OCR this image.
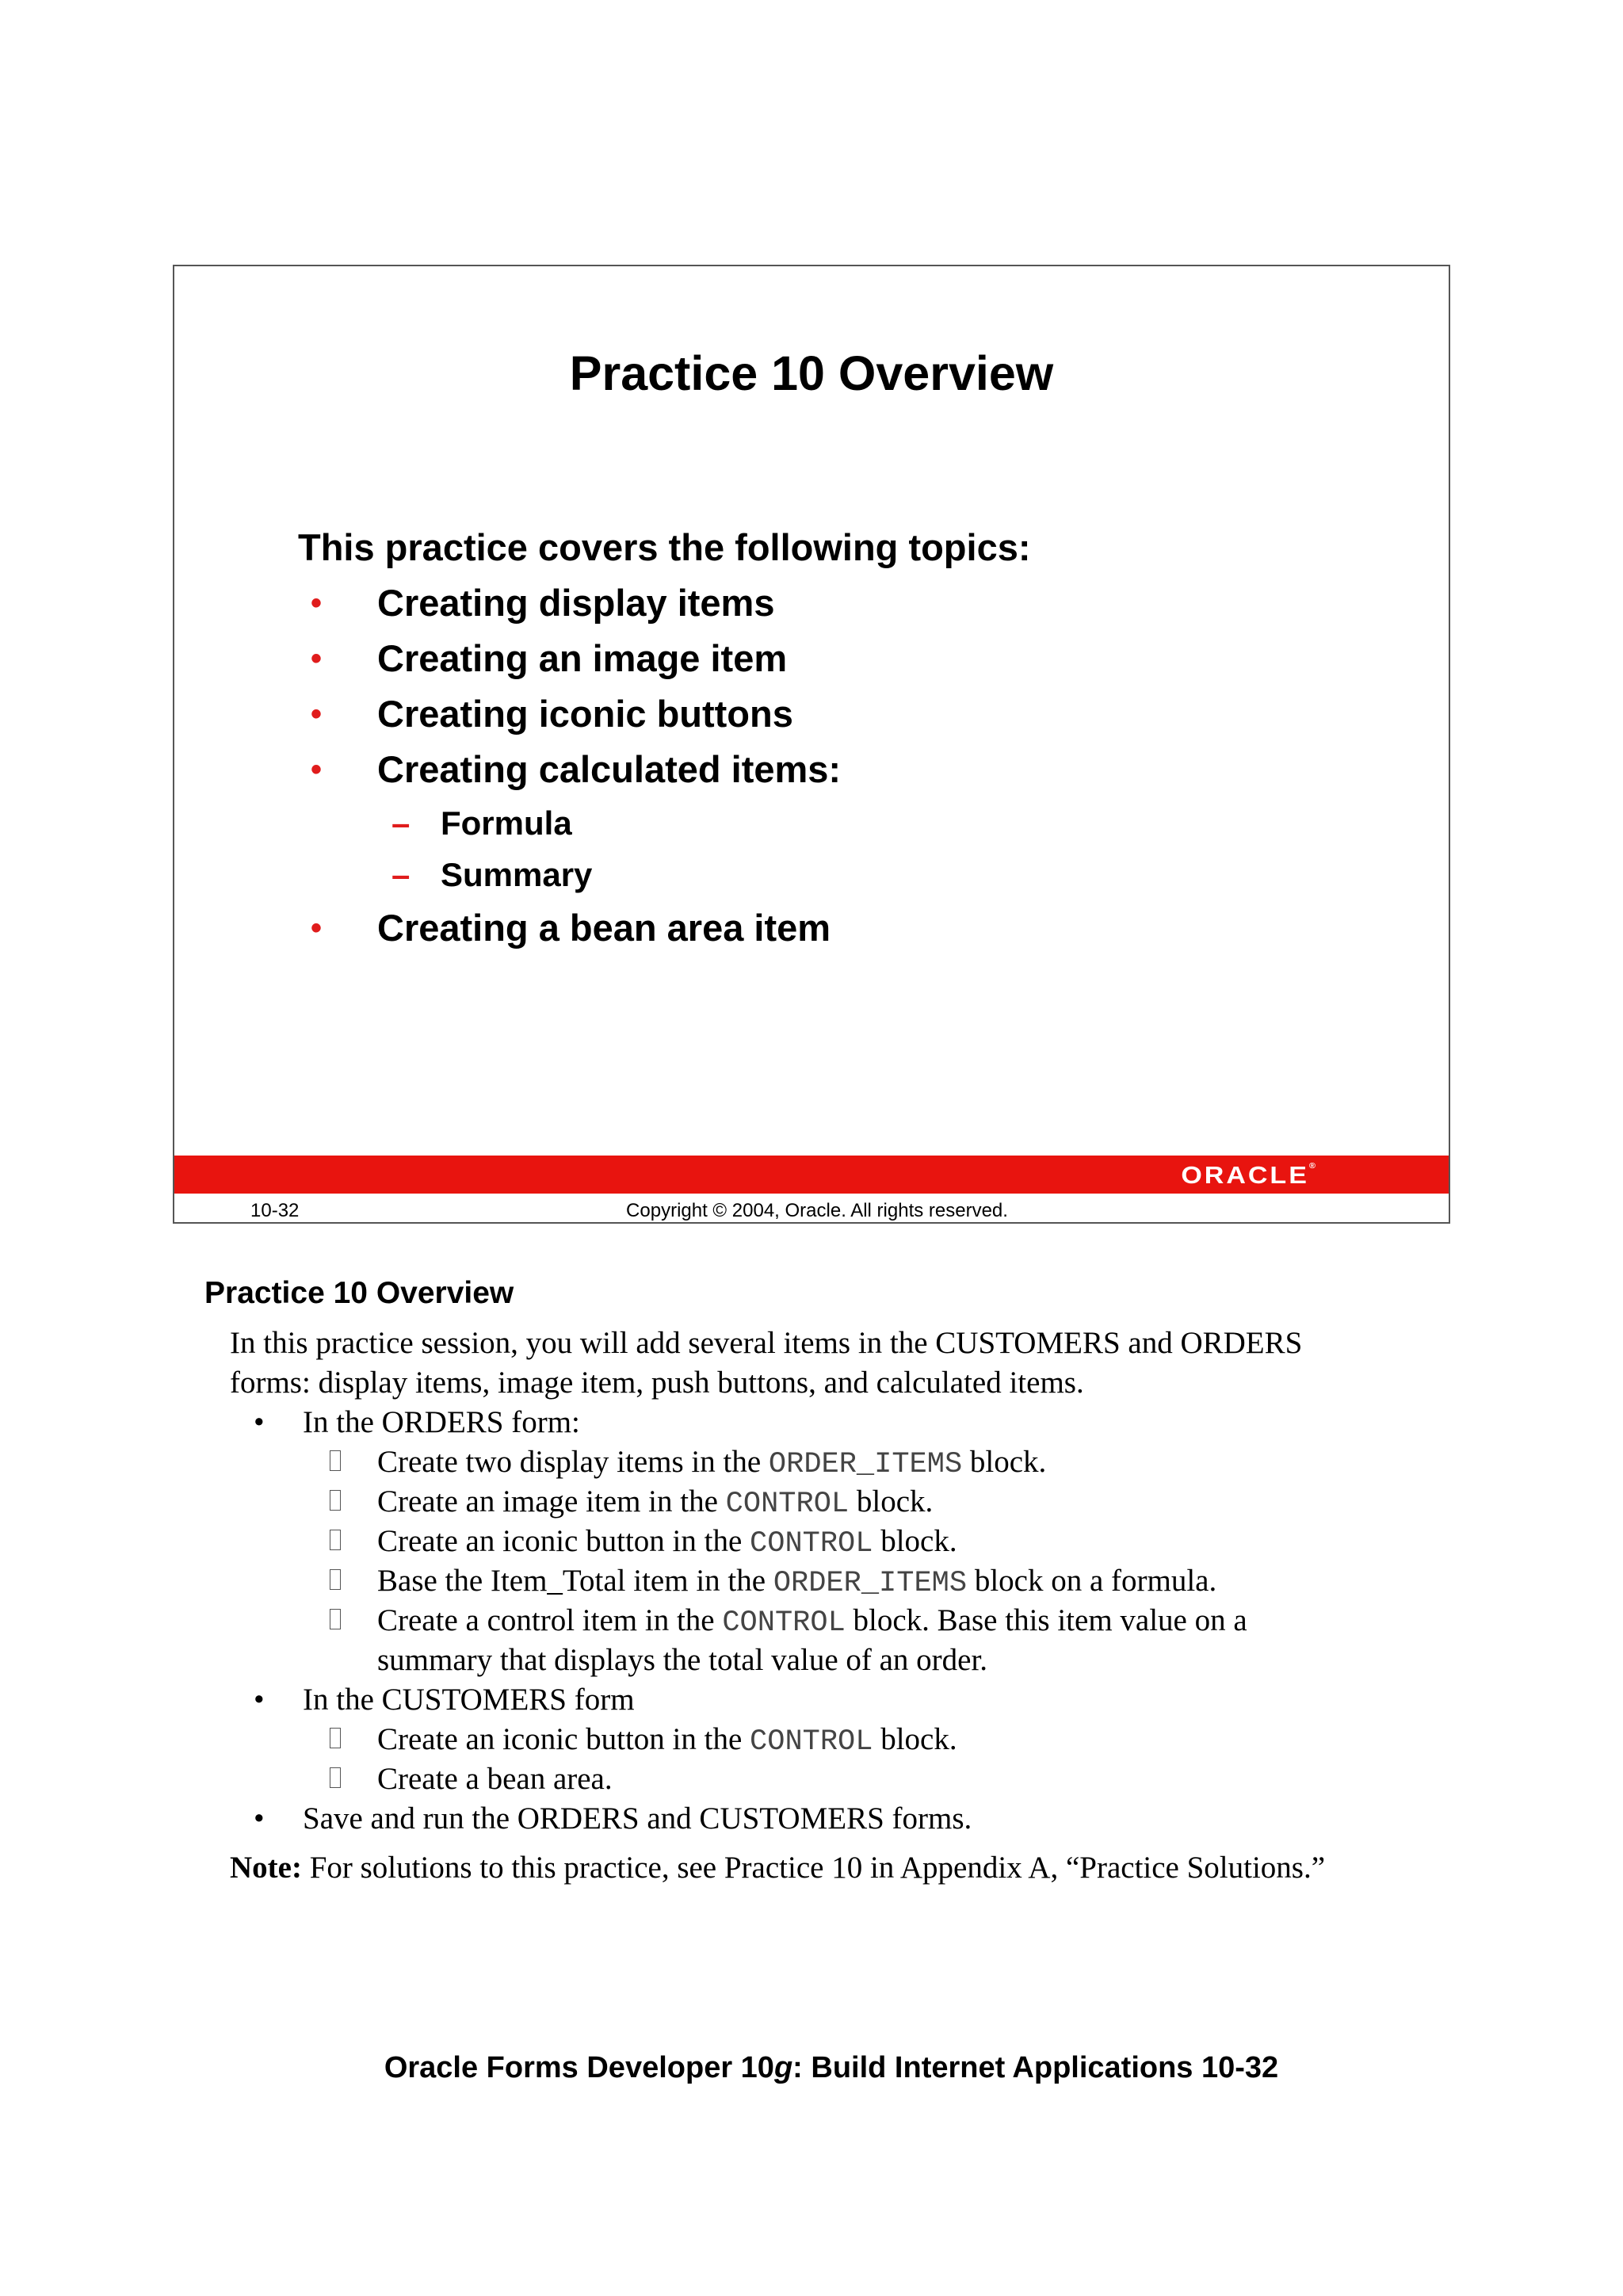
Practice 10 Overview

This practice covers the following topics:

• Creating display items
• Creating an image item
• Creating iconic buttons
• Creating calculated items:
– Formula
– Summary
• Creating a bean area item
ORACLE®
10-32	Copyright © 2004, Oracle. All rights reserved.
Practice 10 Overview
In this practice session, you will add several items in the CUSTOMERS and ORDERS
forms: display items, image item, push buttons, and calculated items.
• In the ORDERS form:
Create two display items in the ORDER_ITEMS block.
Create an image item in the CONTROL block.
Create an iconic button in the CONTROL block.
Base the Item_Total item in the ORDER_ITEMS block on a formula.
Create a control item in the CONTROL block. Base this item value on a
summary that displays the total value of an order.
• In the CUSTOMERS form
Create an iconic button in the CONTROL block.
Create a bean area.
• Save and run the ORDERS and CUSTOMERS forms.
Note: For solutions to this practice, see Practice 10 in Appendix A, “Practice Solutions.”
Oracle Forms Developer 10g: Build Internet Applications 10-32
